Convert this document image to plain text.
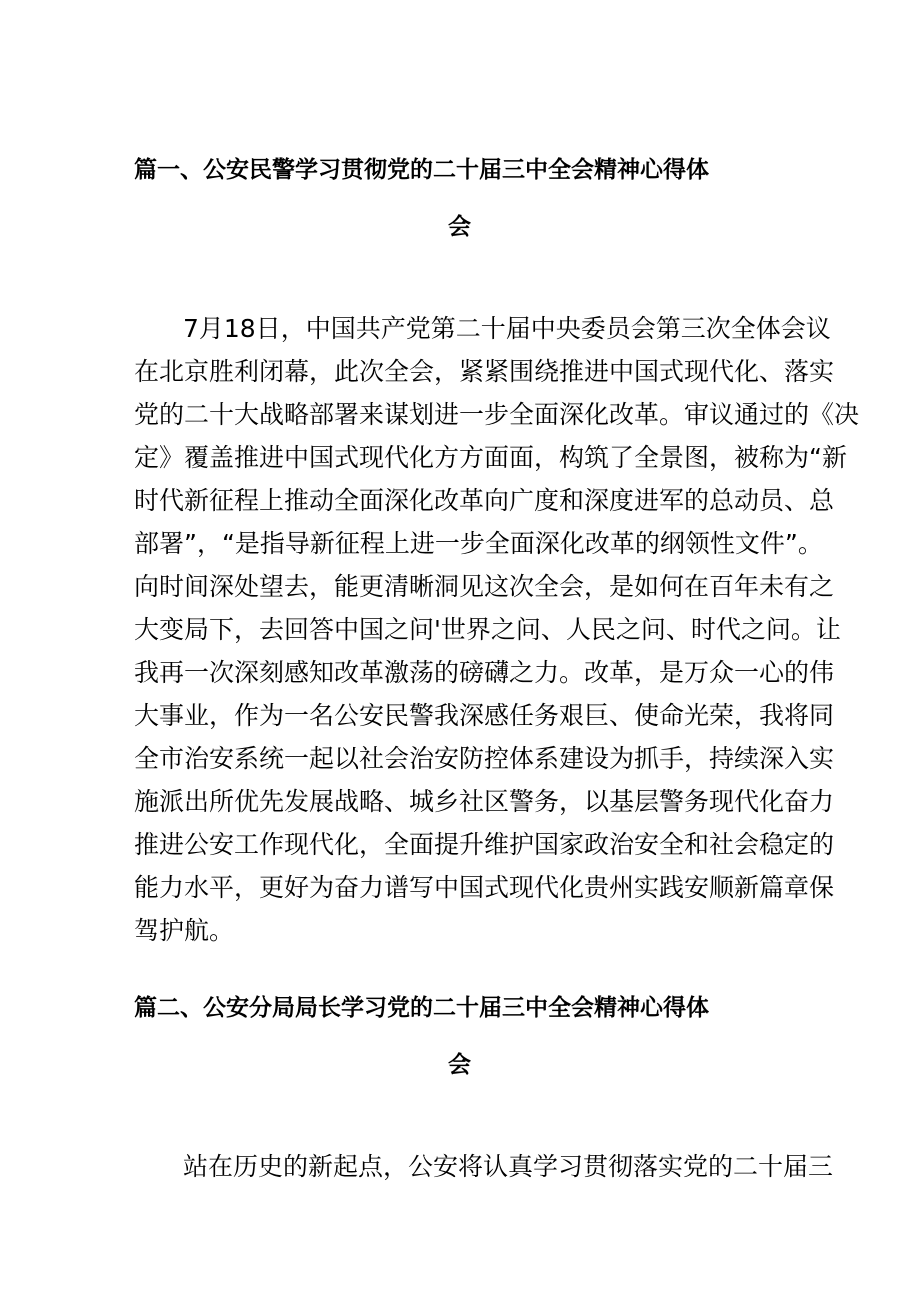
篇一、公安民警学习贯彻党的二十届三中全会精神心得体
会
7月18日，中国共产党第二十届中央委员会第三次全体会议
在北京胜利闭幕，此次全会，紧紧围绕推进中国式现代化、落实
党的二十大战略部署来谋划进一步全面深化改革。审议通过的《决
定》覆盖推进中国式现代化方方面面，构筑了全景图，被称为“新
时代新征程上推动全面深化改革向广度和深度进军的总动员、总
部署”，“是指导新征程上进一步全面深化改革的纲领性文件”。
向时间深处望去，能更清晰洞见这次全会，是如何在百年未有之
大变局下，去回答中国之问'世界之问、人民之问、时代之问。让
我再一次深刻感知改革激荡的磅礴之力。改革，是万众一心的伟
大事业，作为一名公安民警我深感任务艰巨、使命光荣，我将同
全市治安系统一起以社会治安防控体系建设为抓手，持续深入实
施派出所优先发展战略、城乡社区警务，以基层警务现代化奋力
推进公安工作现代化，全面提升维护国家政治安全和社会稳定的
能力水平，更好为奋力谱写中国式现代化贵州实践安顺新篇章保
驾护航。
篇二、公安分局局长学习党的二十届三中全会精神心得体
会
站在历史的新起点，公安将认真学习贯彻落实党的二十届三
